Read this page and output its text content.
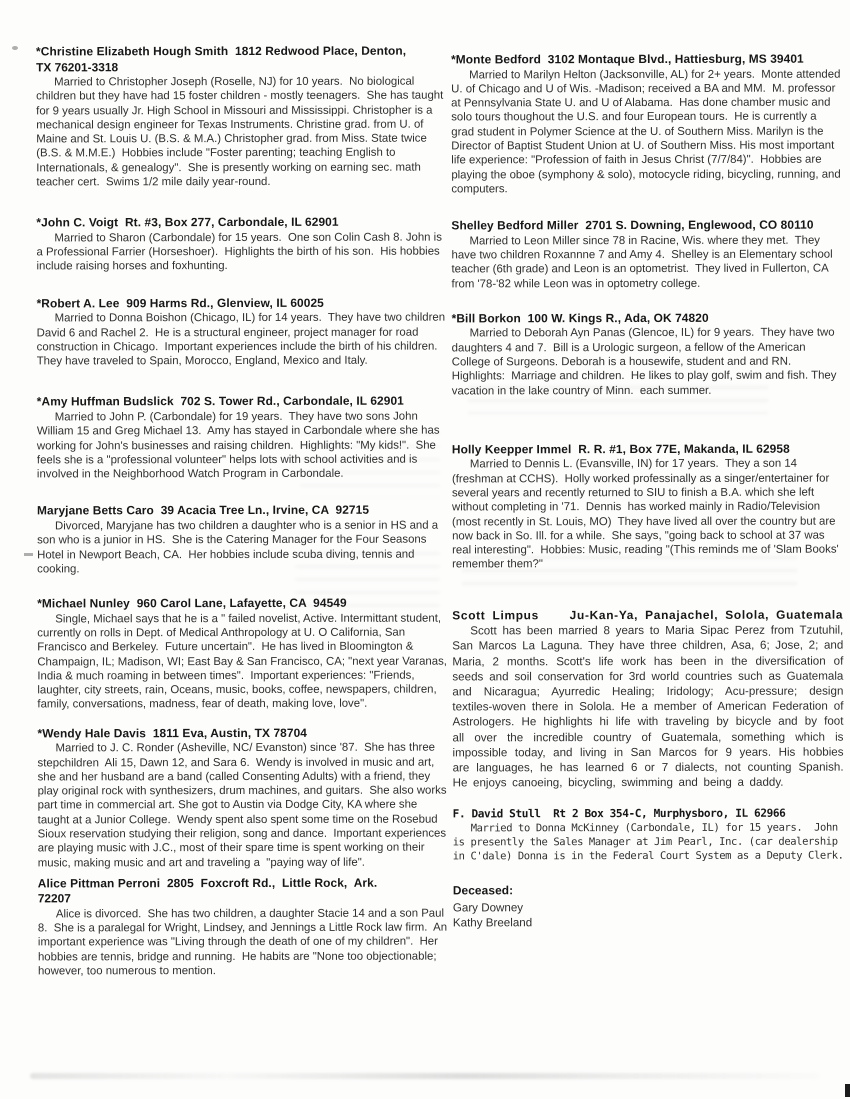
*Christine Elizabeth Hough Smith  1812 Redwood Place, Denton,
TX 76201-3318
Married to Christopher Joseph (Roselle, NJ) for 10 years.  No biological children but they have had 15 foster children - mostly teenagers.  She has taught for 9 years usually Jr. High School in Missouri and Mississippi. Christopher is a mechanical design engineer for Texas Instruments. Christine grad. from U. of Maine and St. Louis U. (B.S. & M.A.) Christopher grad. from Miss. State twice (B.S. & M.M.E.)  Hobbies include "Foster parenting; teaching English to Internationals, & genealogy".  She is presently working on earning sec. math teacher cert.  Swims 1/2 mile daily year-round.
*John C. Voigt  Rt. #3, Box 277, Carbondale, IL 62901
Married to Sharon (Carbondale) for 15 years.  One son Colin Cash 8. John is a Professional Farrier (Horseshoer).  Highlights the birth of his son.  His hobbies include raising horses and foxhunting.
*Robert A. Lee  909 Harms Rd., Glenview, IL 60025
Married to Donna Boishon (Chicago, IL) for 14 years.  They have two children David 6 and Rachel 2.  He is a structural engineer, project manager for road construction in Chicago.  Important experiences include the birth of his children.  They have traveled to Spain, Morocco, England, Mexico and Italy.
*Amy Huffman Budslick  702 S. Tower Rd., Carbondale, IL 62901
Married to John P. (Carbondale) for 19 years.  They have two sons John William 15 and Greg Michael 13.  Amy has stayed in Carbondale where she has working for John's businesses and raising children.  Highlights: "My kids!".  She feels she is a "professional volunteer" helps lots with school activities and is involved in the Neighborhood Watch Program in Carbondale.
Maryjane Betts Caro  39 Acacia Tree Ln., Irvine, CA  92715
Divorced, Maryjane has two children a daughter who is a senior in HS and a son who is a junior in HS.  She is the Catering Manager for the Four Seasons Hotel in Newport Beach, CA.  Her hobbies include scuba diving, tennis and cooking.
*Michael Nunley  960 Carol Lane, Lafayette, CA  94549
Single, Michael says that he is a " failed novelist, Active. Intermittant student, currently on rolls in Dept. of Medical Anthropology at U. O California, San Francisco and Berkeley.  Future uncertain".  He has lived in Bloomington & Champaign, IL; Madison, WI; East Bay & San Francisco, CA; "next year Varanas, India & much roaming in between times".  Important experiences: "Friends, laughter, city streets, rain, Oceans, music, books, coffee, newspapers, children, family, conversations, madness, fear of death, making love, love".
*Wendy Hale Davis  1811 Eva, Austin, TX 78704
Married to J. C. Ronder (Asheville, NC/ Evanston) since '87.  She has three stepchildren  Ali 15, Dawn 12, and Sara 6.  Wendy is involved in music and art,  she and her husband are a band (called Consenting Adults) with a friend, they play original rock with synthesizers, drum machines, and guitars.  She also works part time in commercial art. She got to Austin via Dodge City, KA where she taught at a Junior College.  Wendy spent also spent some time on the Rosebud Sioux reservation studying their religion, song and dance.  Important experiences are playing music with J.C., most of their spare time is spent working on their music, making music and art and traveling a  "paying way of life".
Alice Pittman Perroni  2805  Foxcroft Rd.,  Little Rock,  Ark.
72207
Alice is divorced.  She has two children, a daughter Stacie 14 and a son Paul 8.  She is a paralegal for Wright, Lindsey, and Jennings a Little Rock law firm.  An important experience was "Living through the death of one of my children".  Her hobbies are tennis, bridge and running.  He habits are "None too objectionable; however, too numerous to mention.
*Monte Bedford  3102 Montaque Blvd., Hattiesburg, MS 39401
Married to Marilyn Helton (Jacksonville, AL) for 2+ years.  Monte attended U. of Chicago and U of Wis. -Madison; received a BA and MM.  M. professor at Pennsylvania State U. and U of Alabama.  Has done chamber music and solo tours thoughout the U.S. and four European tours.  He is currently a grad student in Polymer Science at the U. of Southern Miss. Marilyn is the Director of Baptist Student Union at U. of Southern Miss. His most important life experience: "Profession of faith in Jesus Christ (7/7/84)".  Hobbies are playing the oboe (symphony & solo), motocycle riding, bicycling, running, and computers.
Shelley Bedford Miller  2701 S. Downing, Englewood, CO 80110
Married to Leon Miller since 78 in Racine, Wis. where they met.  They have two children Roxannne 7 and Amy 4.  Shelley is an Elementary school teacher (6th grade) and Leon is an optometrist.  They lived in Fullerton, CA from '78-'82 while Leon was in optometry college.
*Bill Borkon  100 W. Kings R., Ada, OK 74820
Married to Deborah Ayn Panas (Glencoe, IL) for 9 years.  They have two daughters 4 and 7.  Bill is a Urologic surgeon, a fellow of the American College of Surgeons. Deborah is a housewife, student and and RN. Highlights:  Marriage and children.  He likes to play golf, swim and fish. They vacation in the lake country of Minn.  each summer.
Holly Keepper Immel  R. R. #1, Box 77E, Makanda, IL 62958
Married to Dennis L. (Evansville, IN) for 17 years.  They a son 14 (freshman at CCHS).  Holly worked professinally as a singer/entertainer for several years and recently returned to SIU to finish a B.A. which she left without completing in '71.  Dennis  has worked mainly in Radio/Television (most recently in St. Louis, MO)  They have lived all over the country but are now back in So. Ill. for a while.  She says, "going back to school at 37 was real interesting".  Hobbies: Music, reading "(This reminds me of 'Slam Books' remember them?"
Scott Limpus	Ju-Kan-Ya, Panajachel, Solola, Guatemala
Scott has been married 8 years to Maria Sipac Perez from Tzutuhil, San Marcos La Laguna. They have three children, Asa, 6; Jose, 2; and Maria, 2 months. Scott's life work has been in the diversification of seeds and soil conservation for 3rd world countries such as Guatemala and Nicaragua; Ayurredic Healing; Iridology; Acu-pressure; design textiles-woven there in Solola. He a member of American Federation of Astrologers. He highlights hi life with traveling by bicycle and by foot all over the incredible country of Guatemala, something which is impossible today, and living in San Marcos for 9 years. His hobbies are languages, he has learned 6 or 7 dialects, not counting Spanish. He enjoys canoeing, bicycling, swimming and being a daddy.
F. David Stull  Rt 2 Box 354-C, Murphysboro, IL 62966
Married to Donna McKinney (Carbondale, IL) for 15 years.  John is presently the Sales Manager at Jim Pearl, Inc. (car dealership in C'dale) Donna is in the Federal Court System as a Deputy Clerk.
Deceased:
Gary Downey
Kathy Breeland
